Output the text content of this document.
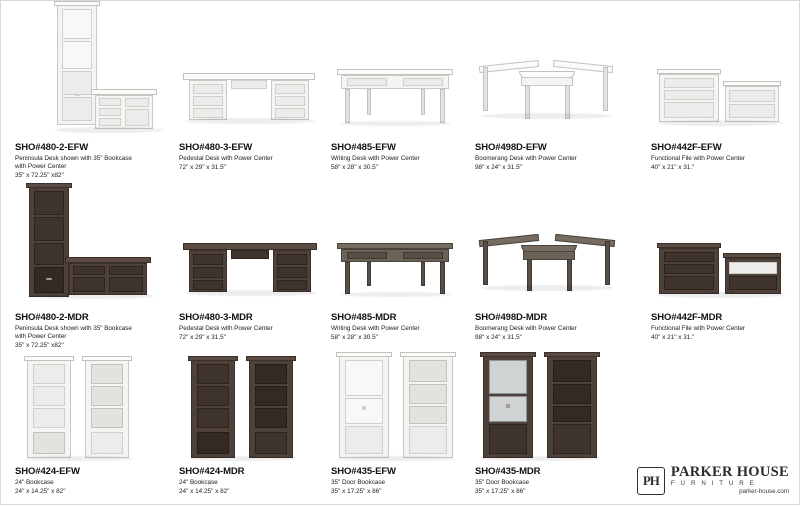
SHO#480-2-EFW
Peninsula Desk shown with 35" Bookcase
with Power Center
35" x 72.25" x82"
SHO#480-3-EFW
Pedestal Desk with Power Center
72" x 29" x 31.5"
SHO#485-EFW
Writing Desk with Power Center
58" x 28" x 30.5"
SHO#498D-EFW
Boomerang Desk with Power Center
98" x 24" x 31.5"
SHO#442F-EFW
Functional File with Power Center
40" x 21" x 31."
SHO#480-2-MDR
Peninsula Desk shown with 35" Bookcase
with Power Center
35" x 72.25" x82"
SHO#480-3-MDR
Pedestal Desk with Power Center
72" x 29" x 31.5"
SHO#485-MDR
Writing Desk with Power Center
58" x 28" x 30.5"
SHO#498D-MDR
Boomerang Desk with Power Center
98" x 24" x 31.5"
SHO#442F-MDR
Functional File with Power Center
40" x 21" x 31."
SHO#424-EFW
24" Bookcase
24" x 14.25" x 82"
SHO#424-MDR
24" Bookcase
24" x 14.25" x 82"
SHO#435-EFW
35" Door Bookcase
35" x 17.25" x 86"
SHO#435-MDR
35" Door Bookcase
35" x 17.25" x 86"
PH PARKER HOUSE
F U R N I T U R E
parker-house.com
